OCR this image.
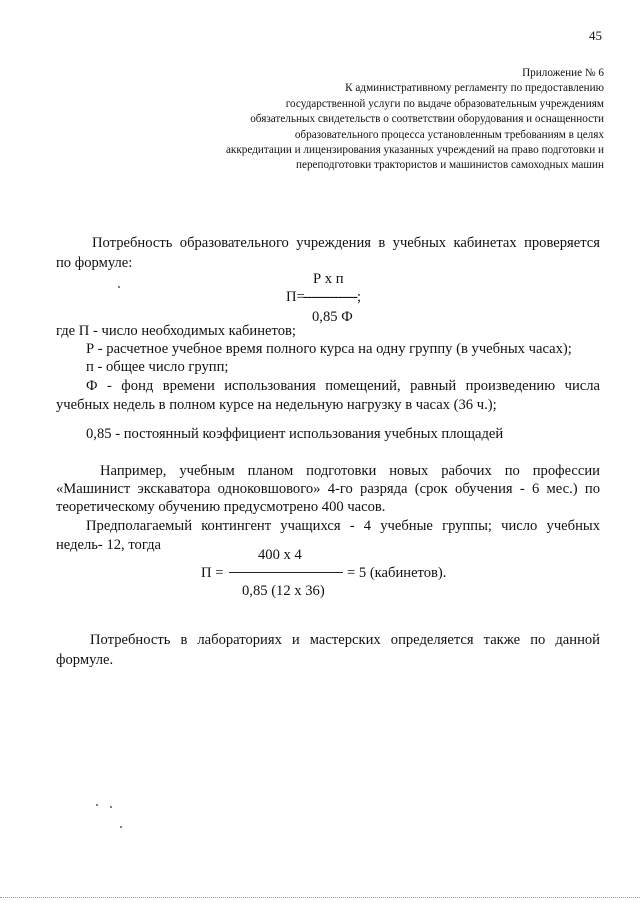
45
Приложение № 6
К административному регламенту по предоставлению
государственной услуги по выдаче образовательным учреждениям
обязательных свидетельств о соответствии оборудования и оснащенности
образовательного процесса установленным требованиям в целях
аккредитации и лицензирования указанных учреждений на право подготовки и
переподготовки трактористов и машинистов самоходных машин
Потребность образовательного учреждения в учебных кабинетах проверяется
по формуле:
Р х п
П=
--------------;
0,85 Ф
где П - число необходимых кабинетов;
Р - расчетное учебное время полного курса на одну группу (в учебных часах);
п - общее число групп;
Ф - фонд времени использования помещений, равный произведению числа
учебных недель в полном курсе на недельную нагрузку в часах (36 ч.);
0,85 - постоянный коэффициент использования учебных площадей
Например, учебным планом подготовки новых рабочих по профессии
«Машинист экскаватора одноковшового» 4-го разряда (срок обучения - 6 мес.) по
теоретическому обучению предусмотрено 400 часов.
Предполагаемый контингент учащихся - 4 учебные группы; число учебных
недель- 12, тогда
400 х 4
П =	= 5 (кабинетов).
0,85 (12 х 36)
Потребность в лабораториях и мастерских определяется также по данной
формуле.
